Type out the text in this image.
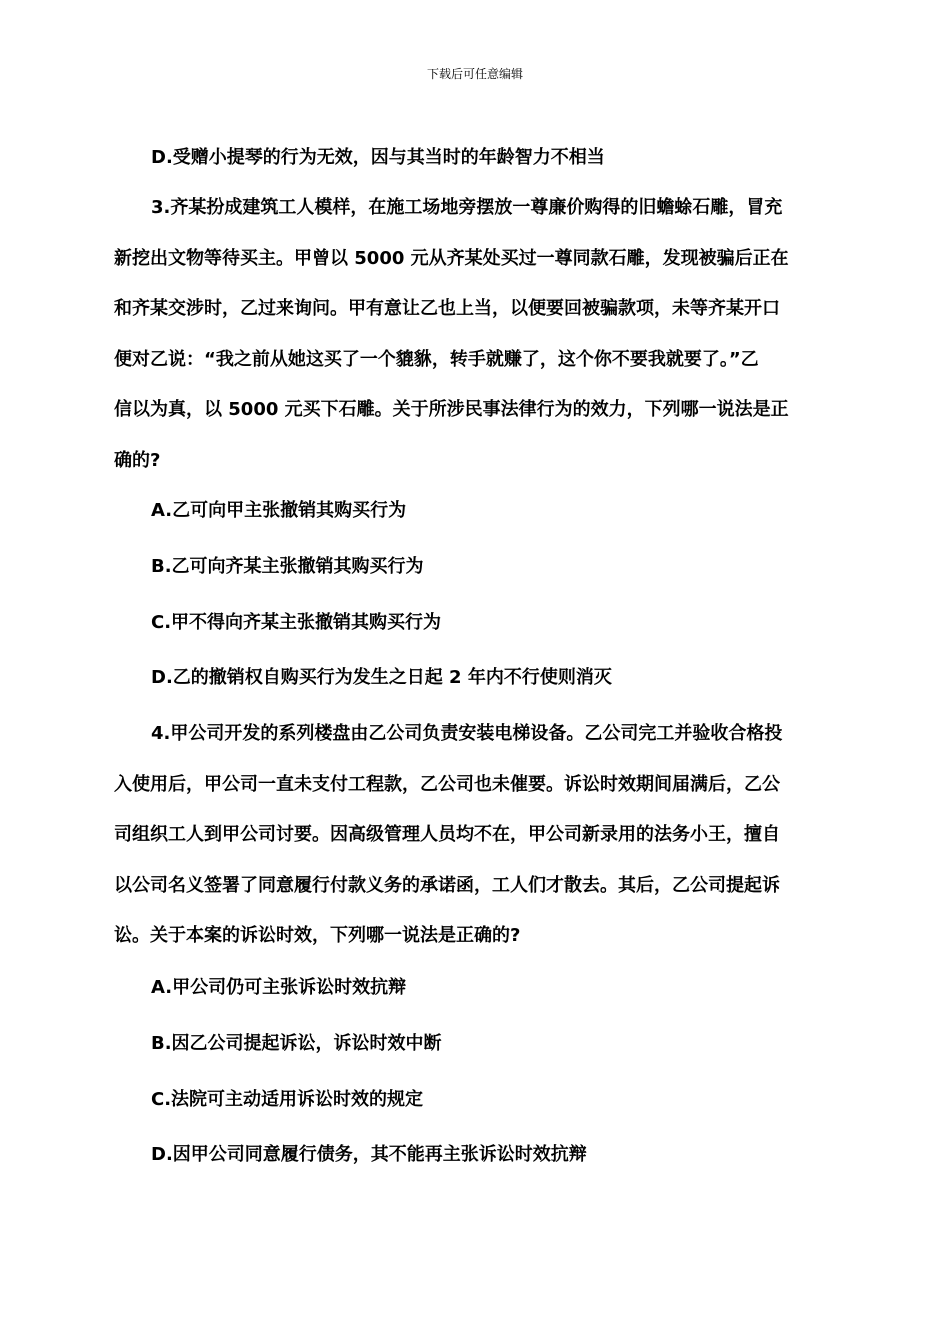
下载后可任意编辑

D.受赠小提琴的行为无效，因与其当时的年龄智力不相当

3.齐某扮成建筑工人模样，在施工场地旁摆放一尊廉价购得的旧蟾蜍石雕，冒充
新挖出文物等待买主。甲曾以 5000 元从齐某处买过一尊同款石雕，发现被骗后正在
和齐某交涉时，乙过来询问。甲有意让乙也上当，以便要回被骗款项，未等齐某开口
便对乙说：“我之前从她这买了一个貔貅，转手就赚了，这个你不要我就要了。”乙
信以为真，以 5000 元买下石雕。关于所涉民事法律行为的效力，下列哪一说法是正
确的?

A.乙可向甲主张撤销其购买行为

B.乙可向齐某主张撤销其购买行为

C.甲不得向齐某主张撤销其购买行为

D.乙的撤销权自购买行为发生之日起 2 年内不行使则消灭

4.甲公司开发的系列楼盘由乙公司负责安装电梯设备。乙公司完工并验收合格投
入使用后，甲公司一直未支付工程款，乙公司也未催要。诉讼时效期间届满后，乙公
司组织工人到甲公司讨要。因高级管理人员均不在，甲公司新录用的法务小王，擅自
以公司名义签署了同意履行付款义务的承诺函，工人们才散去。其后，乙公司提起诉
讼。关于本案的诉讼时效，下列哪一说法是正确的?

A.甲公司仍可主张诉讼时效抗辩

B.因乙公司提起诉讼，诉讼时效中断

C.法院可主动适用诉讼时效的规定

D.因甲公司同意履行债务，其不能再主张诉讼时效抗辩
